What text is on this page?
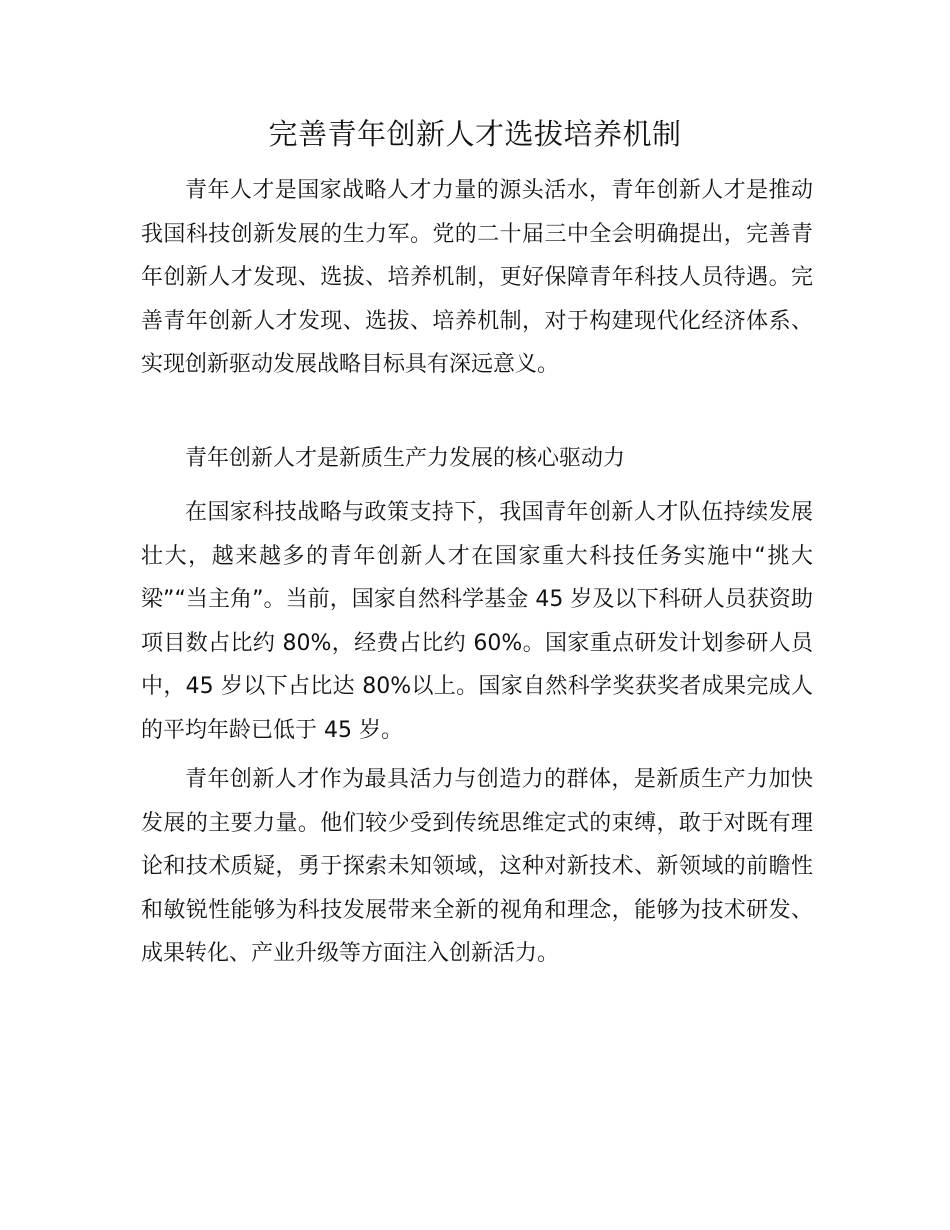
完善青年创新人才选拔培养机制

青年人才是国家战略人才力量的源头活水，青年创新人才是推动我国科技创新发展的生力军。党的二十届三中全会明确提出，完善青年创新人才发现、选拔、培养机制，更好保障青年科技人员待遇。完善青年创新人才发现、选拔、培养机制，对于构建现代化经济体系、实现创新驱动发展战略目标具有深远意义。

青年创新人才是新质生产力发展的核心驱动力

在国家科技战略与政策支持下，我国青年创新人才队伍持续发展壮大，越来越多的青年创新人才在国家重大科技任务实施中“挑大梁”“当主角”。当前，国家自然科学基金 45 岁及以下科研人员获资助项目数占比约 80%，经费占比约 60%。国家重点研发计划参研人员中，45 岁以下占比达 80%以上。国家自然科学奖获奖者成果完成人的平均年龄已低于 45 岁。

青年创新人才作为最具活力与创造力的群体，是新质生产力加快发展的主要力量。他们较少受到传统思维定式的束缚，敢于对既有理论和技术质疑，勇于探索未知领域，这种对新技术、新领域的前瞻性和敏锐性能够为科技发展带来全新的视角和理念，能够为技术研发、成果转化、产业升级等方面注入创新活力。
